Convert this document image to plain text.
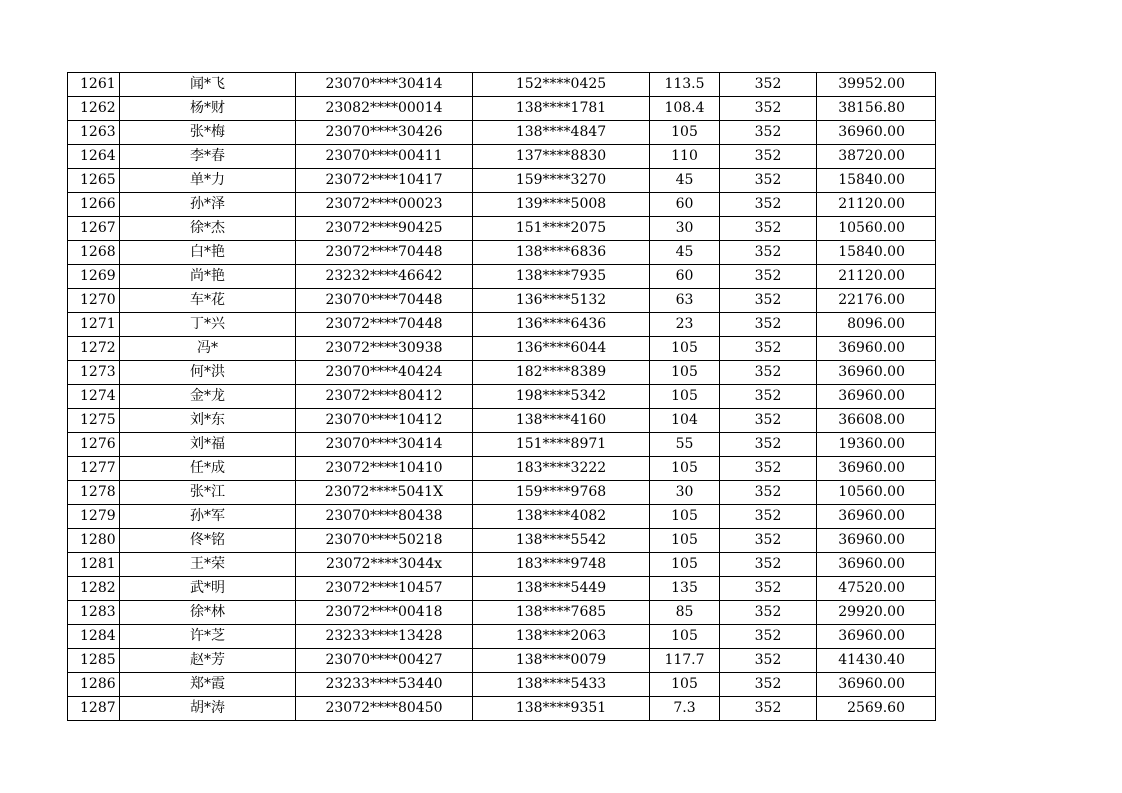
1261	闻*飞	23070****30414	152****0425	113.5	352	39952.00
1262	杨*财	23082****00014	138****1781	108.4	352	38156.80
1263	张*梅	23070****30426	138****4847	105	352	36960.00
1264	李*春	23070****00411	137****8830	110	352	38720.00
1265	单*力	23072****10417	159****3270	45	352	15840.00
1266	孙*泽	23072****00023	139****5008	60	352	21120.00
1267	徐*杰	23072****90425	151****2075	30	352	10560.00
1268	白*艳	23072****70448	138****6836	45	352	15840.00
1269	尚*艳	23232****46642	138****7935	60	352	21120.00
1270	车*花	23070****70448	136****5132	63	352	22176.00
1271	丁*兴	23072****70448	136****6436	23	352	8096.00
1272	冯*	23072****30938	136****6044	105	352	36960.00
1273	何*洪	23070****40424	182****8389	105	352	36960.00
1274	金*龙	23072****80412	198****5342	105	352	36960.00
1275	刘*东	23070****10412	138****4160	104	352	36608.00
1276	刘*福	23070****30414	151****8971	55	352	19360.00
1277	任*成	23072****10410	183****3222	105	352	36960.00
1278	张*江	23072****5041X	159****9768	30	352	10560.00
1279	孙*军	23070****80438	138****4082	105	352	36960.00
1280	佟*铭	23070****50218	138****5542	105	352	36960.00
1281	王*荣	23072****3044x	183****9748	105	352	36960.00
1282	武*明	23072****10457	138****5449	135	352	47520.00
1283	徐*林	23072****00418	138****7685	85	352	29920.00
1284	许*芝	23233****13428	138****2063	105	352	36960.00
1285	赵*芳	23070****00427	138****0079	117.7	352	41430.40
1286	郑*霞	23233****53440	138****5433	105	352	36960.00
1287	胡*涛	23072****80450	138****9351	7.3	352	2569.60
